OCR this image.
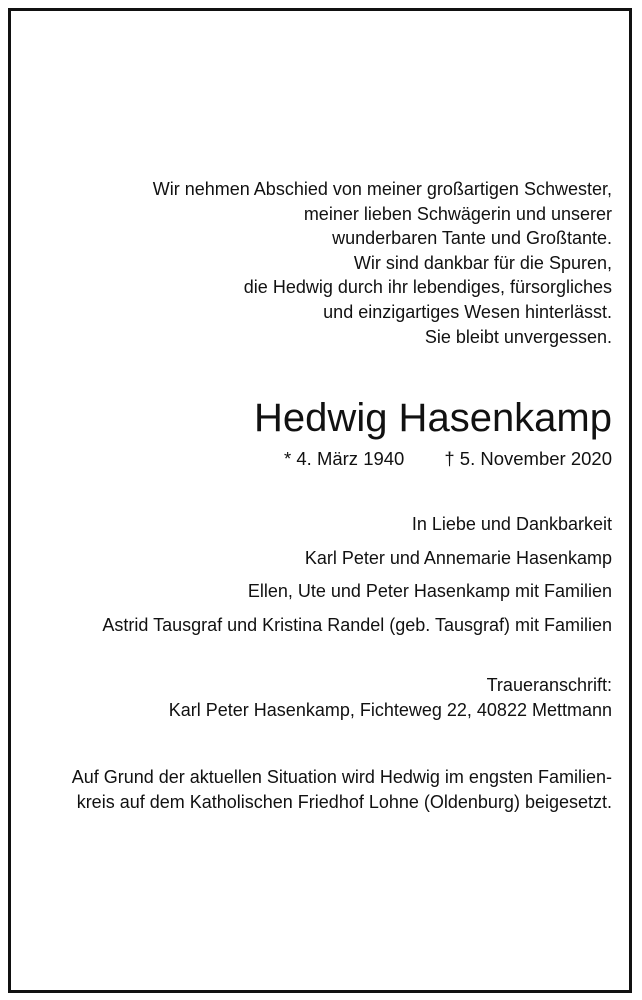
Wir nehmen Abschied von meiner großartigen Schwester,
meiner lieben Schwägerin und unserer
wunderbaren Tante und Großtante.
Wir sind dankbar für die Spuren,
die Hedwig durch ihr lebendiges, fürsorgliches
und einzigartiges Wesen hinterlässt.
Sie bleibt unvergessen.
Hedwig Hasenkamp
* 4. März 1940 † 5. November 2020
In Liebe und Dankbarkeit
Karl Peter und Annemarie Hasenkamp
Ellen, Ute und Peter Hasenkamp mit Familien
Astrid Tausgraf und Kristina Randel (geb. Tausgraf) mit Familien
Traueranschrift:
Karl Peter Hasenkamp, Fichteweg 22, 40822 Mettmann
Auf Grund der aktuellen Situation wird Hedwig im engsten Familien-
kreis auf dem Katholischen Friedhof Lohne (Oldenburg) beigesetzt.
